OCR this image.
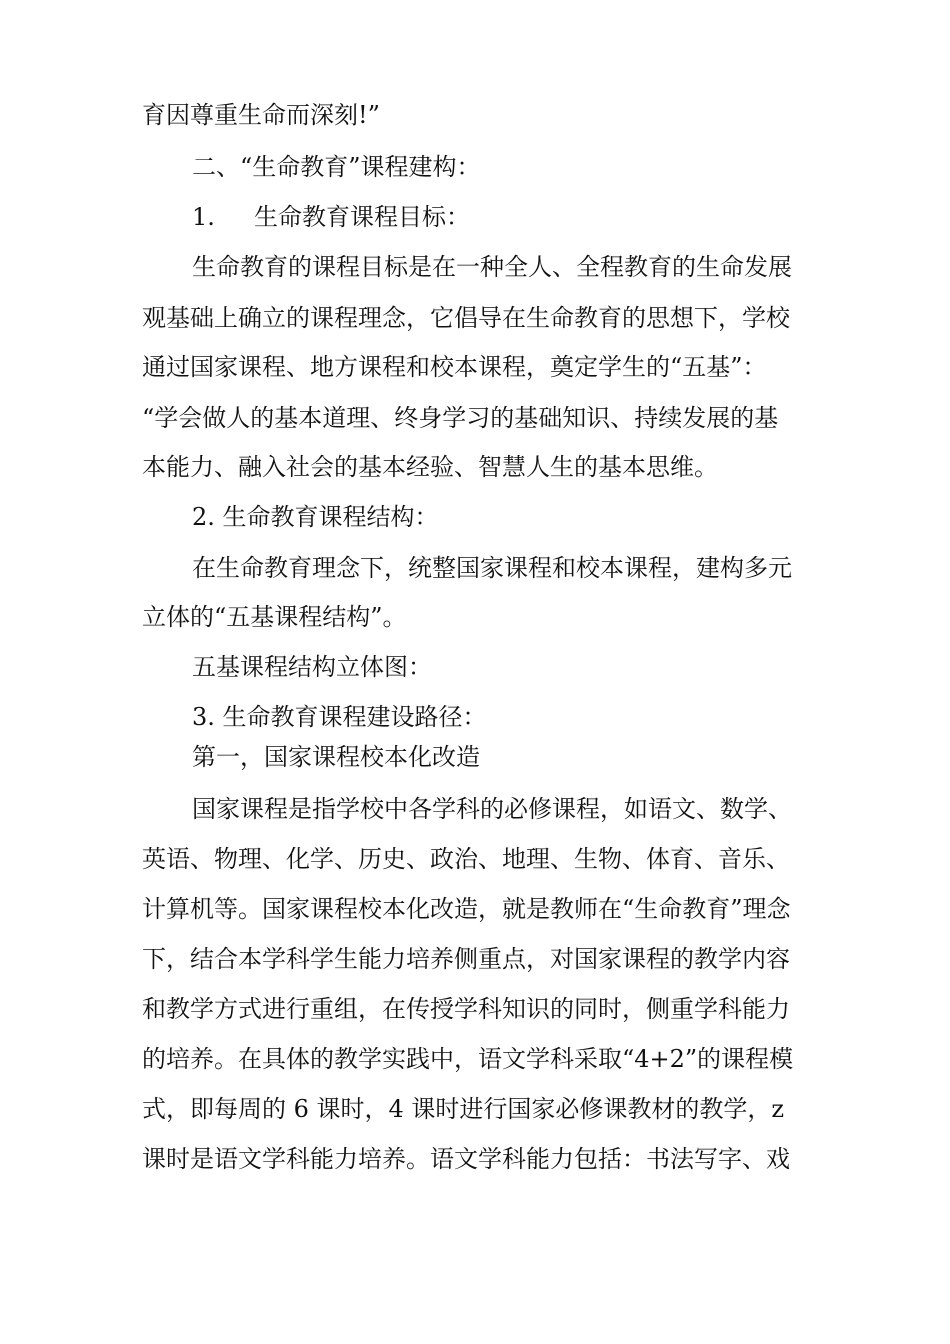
育因尊重生命而深刻!”
二、“生命教育”课程建构：
1. 生命教育课程目标：
生命教育的课程目标是在一种全人、全程教育的生命发展
观基础上确立的课程理念，它倡导在生命教育的思想下，学校
通过国家课程、地方课程和校本课程，奠定学生的“五基”：
“学会做人的基本道理、终身学习的基础知识、持续发展的基
本能力、融入社会的基本经验、智慧人生的基本思维。
2. 生命教育课程结构：
在生命教育理念下，统整国家课程和校本课程，建构多元
立体的“五基课程结构”。
五基课程结构立体图：
3. 生命教育课程建设路径：
第一，国家课程校本化改造
国家课程是指学校中各学科的必修课程，如语文、数学、
英语、物理、化学、历史、政治、地理、生物、体育、音乐、
计算机等。国家课程校本化改造，就是教师在“生命教育”理念
下，结合本学科学生能力培养侧重点，对国家课程的教学内容
和教学方式进行重组，在传授学科知识的同时，侧重学科能力
的培养。在具体的教学实践中，语文学科采取“4+2”的课程模
式，即每周的 6 课时，4 课时进行国家必修课教材的教学，z
课时是语文学科能力培养。语文学科能力包括：书法写字、戏
